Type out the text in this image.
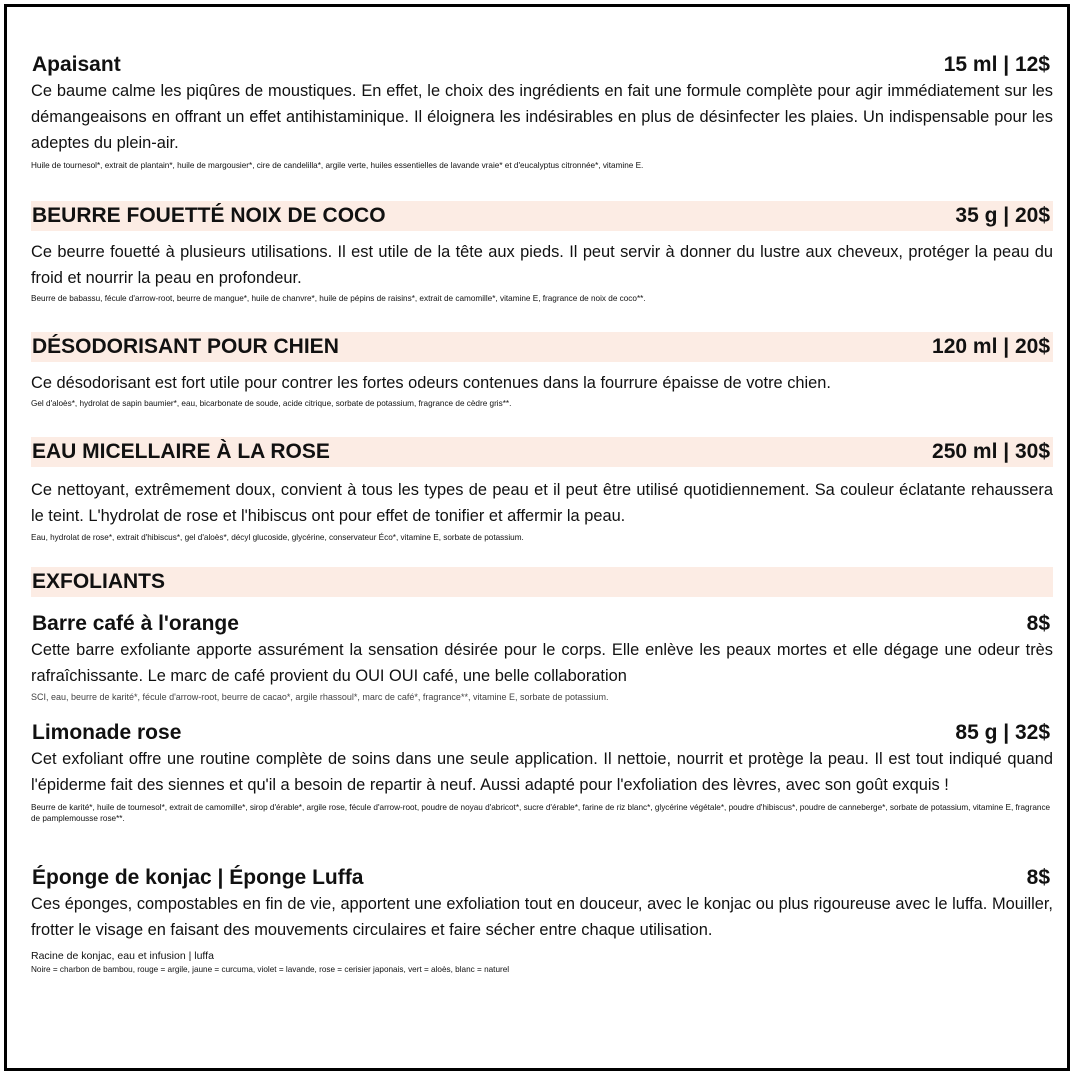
Apaisant	15 ml | 12$
Ce baume calme les piqûres de moustiques. En effet, le choix des ingrédients en fait une formule complète pour agir immédiatement sur les démangeaisons en offrant un effet antihistaminique. Il éloignera les indésirables en plus de désinfecter les plaies. Un indispensable pour les adeptes du plein-air.
Huile de tournesol*, extrait de plantain*, huile de margousier*, cire de candelilla*, argile verte, huiles essentielles de lavande vraie* et d'eucalyptus citronnée*, vitamine E.
BEURRE FOUETTÉ NOIX DE COCO	35 g | 20$
Ce beurre fouetté à plusieurs utilisations. Il est utile de la tête aux pieds. Il peut servir à donner du lustre aux cheveux, protéger la peau du froid et nourrir la peau en profondeur.
Beurre de babassu, fécule d'arrow-root, beurre de mangue*, huile de chanvre*, huile de pépins de raisins*, extrait de camomille*, vitamine E, fragrance de noix de coco**.
DÉSODORISANT POUR CHIEN	120 ml | 20$
Ce désodorisant est fort utile pour contrer les fortes odeurs contenues dans la fourrure épaisse de votre chien.
Gel d'aloès*, hydrolat de sapin baumier*, eau, bicarbonate de soude, acide citrique, sorbate de potassium, fragrance de cèdre gris**.
EAU MICELLAIRE À LA ROSE	250 ml | 30$
Ce nettoyant, extrêmement doux, convient à tous les types de peau et il peut être utilisé quotidiennement. Sa couleur éclatante rehaussera le teint. L'hydrolat de rose et l'hibiscus ont pour effet de tonifier et affermir la peau.
Eau, hydrolat de rose*, extrait d'hibiscus*, gel d'aloès*, décyl glucoside, glycérine, conservateur Éco*, vitamine E, sorbate de potassium.
EXFOLIANTS
Barre café à l'orange	8$
Cette barre exfoliante apporte assurément la sensation désirée pour le corps. Elle enlève les peaux mortes et elle dégage une odeur très rafraîchissante. Le marc de café provient du OUI OUI café, une belle collaboration
SCI, eau, beurre de karité*, fécule d'arrow-root, beurre de cacao*, argile rhassoul*, marc de café*, fragrance**, vitamine E, sorbate de potassium.
Limonade rose	85 g | 32$
Cet exfoliant offre une routine complète de soins dans une seule application. Il nettoie, nourrit et protège la peau. Il est tout indiqué quand l'épiderme fait des siennes et qu'il a besoin de repartir à neuf. Aussi adapté pour l'exfoliation des lèvres, avec son goût exquis !
Beurre de karité*, huile de tournesol*, extrait de camomille*, sirop d'érable*, argile rose, fécule d'arrow-root, poudre de noyau d'abricot*, sucre d'érable*, farine de riz blanc*, glycérine végétale*, poudre d'hibiscus*, poudre de canneberge*, sorbate de potassium, vitamine E, fragrance de pamplemousse rose**.
Éponge de konjac | Éponge Luffa	8$
Ces éponges, compostables en fin de vie, apportent une exfoliation tout en douceur, avec le konjac ou plus rigoureuse avec le luffa. Mouiller, frotter le visage en faisant des mouvements circulaires et faire sécher entre chaque utilisation.
Racine de konjac, eau et infusion | luffa
Noire = charbon de bambou, rouge = argile, jaune = curcuma, violet = lavande, rose = cerisier japonais, vert = aloès, blanc = naturel
